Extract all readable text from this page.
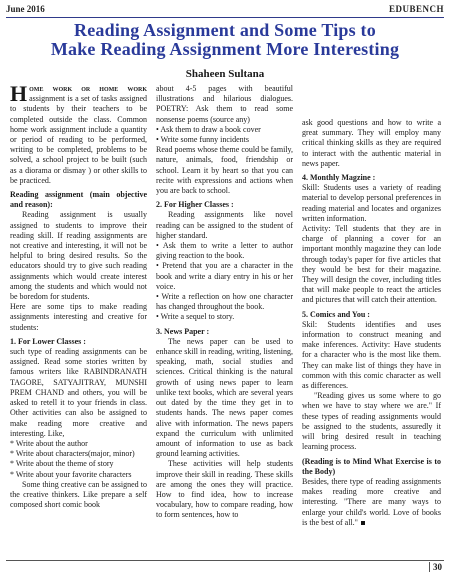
June 2016	EDUBENCH
Reading Assignment and Some Tips to
Make Reading Assignment More Interesting
Shaheen Sultana

Home work or home work assignment is a set of tasks assigned to students by their teachers to be completed outside the class. Common home work assignment include a quantity or period of reading to be performed, writing to be completed, problems to be solved, a school project to be built (such as a diorama or dismay ) or other skills to be practiced.

Reading assignment (main objective and reason):

Reading assignment is usually assigned to students to improve their reading skill. If reading assignments are not creative and interesting, it will not be helpful to bring desired results. So the educators should try to give such reading assignments which would create interest among the students and which would not be boredom for students.

Here are some tips to make reading assignments interesting and creative for students:

1. For Lower Classes :

such type of reading assignments can be assigned. Read some stories written by famous writers like RABINDRANATH TAGORE, SATYAJITRAY, MUNSHI PREM CHAND and others, you will be asked to retell it to your friends in class. Other activities can also be assigned to make reading more creative and interesting. Like,

* Write about the author

* Write about characters(major, minor)

* Write about the theme of story

* Write about your favorite characters

Some thing creative can be assigned to the creative thinkers. Like prepare a self composed short comic book

about 4-5 pages with beautiful illustrations and hilarious dialogues. POETRY: Ask them to read some nonsense poems (source any)

• Ask them to draw a book cover

• Write some funny incidents

Read poems whose theme could be family, nature, animals, food, friendship or school. Learn it by heart so that you can recite with expressions and actions when you are back to school.

2. For Higher Classes :

Reading assignments like novel reading can be assigned to the student of higher standard.

• Ask them to write a letter to author giving reaction to the book.

• Pretend that you are a character in the book and write a diary entry in his or her voice.

• Write a reflection on how one character has changed throughout the book.

• Write a sequel to story.

3. News Paper :

The news paper can be used to enhance skill in reading, writing, listening, speaking, math, social studies and sciences. Critical thinking is the natural growth of using news paper to learn unlike text books, which are several years out dated by the time they get in to students hands. The news paper comes alive with information. The news papers expand the curriculum with unlimited amount of information to use as back ground learning activities.

These activities will help students improve their skill in reading. These skills are among the ones they will practice. How to find idea, how to increase vocabulary, how to compare reading, how to form sentences, how to

ask good questions and how to write a great summary. They will employ many critical thinking skills as they are required to interact with the authentic material in news paper.

4. Monthly Magzine :

Skill: Students uses a variety of reading material to develop personal preferences in reading material and locates and organizes written information.

Activity: Tell students that they are in charge of planning a cover for an important monthly magazine they can lode through today's paper for five articles that they would be best for their magazine. They will design the cover, including titles that will make people to react the articles and pictures that will catch their attention.

5. Comics and You :

Skil: Students identifies and uses information to construct meaning and make inferences. Activity: Have students for a character who is the most like them. They can make list of things they have in common with this comic character as well as differences.

"Reading gives us some where to go when we have to stay where we are." If these types of reading assignments would be assigned to the students, assuredly it will bring desired result in teaching learning process.

(Reading is to Mind What Exercise is to the Body)

Besides, there type of reading assignments makes reading more creative and interesting. "There are many ways to enlarge your child's world. Love of books is the best of all."

30
